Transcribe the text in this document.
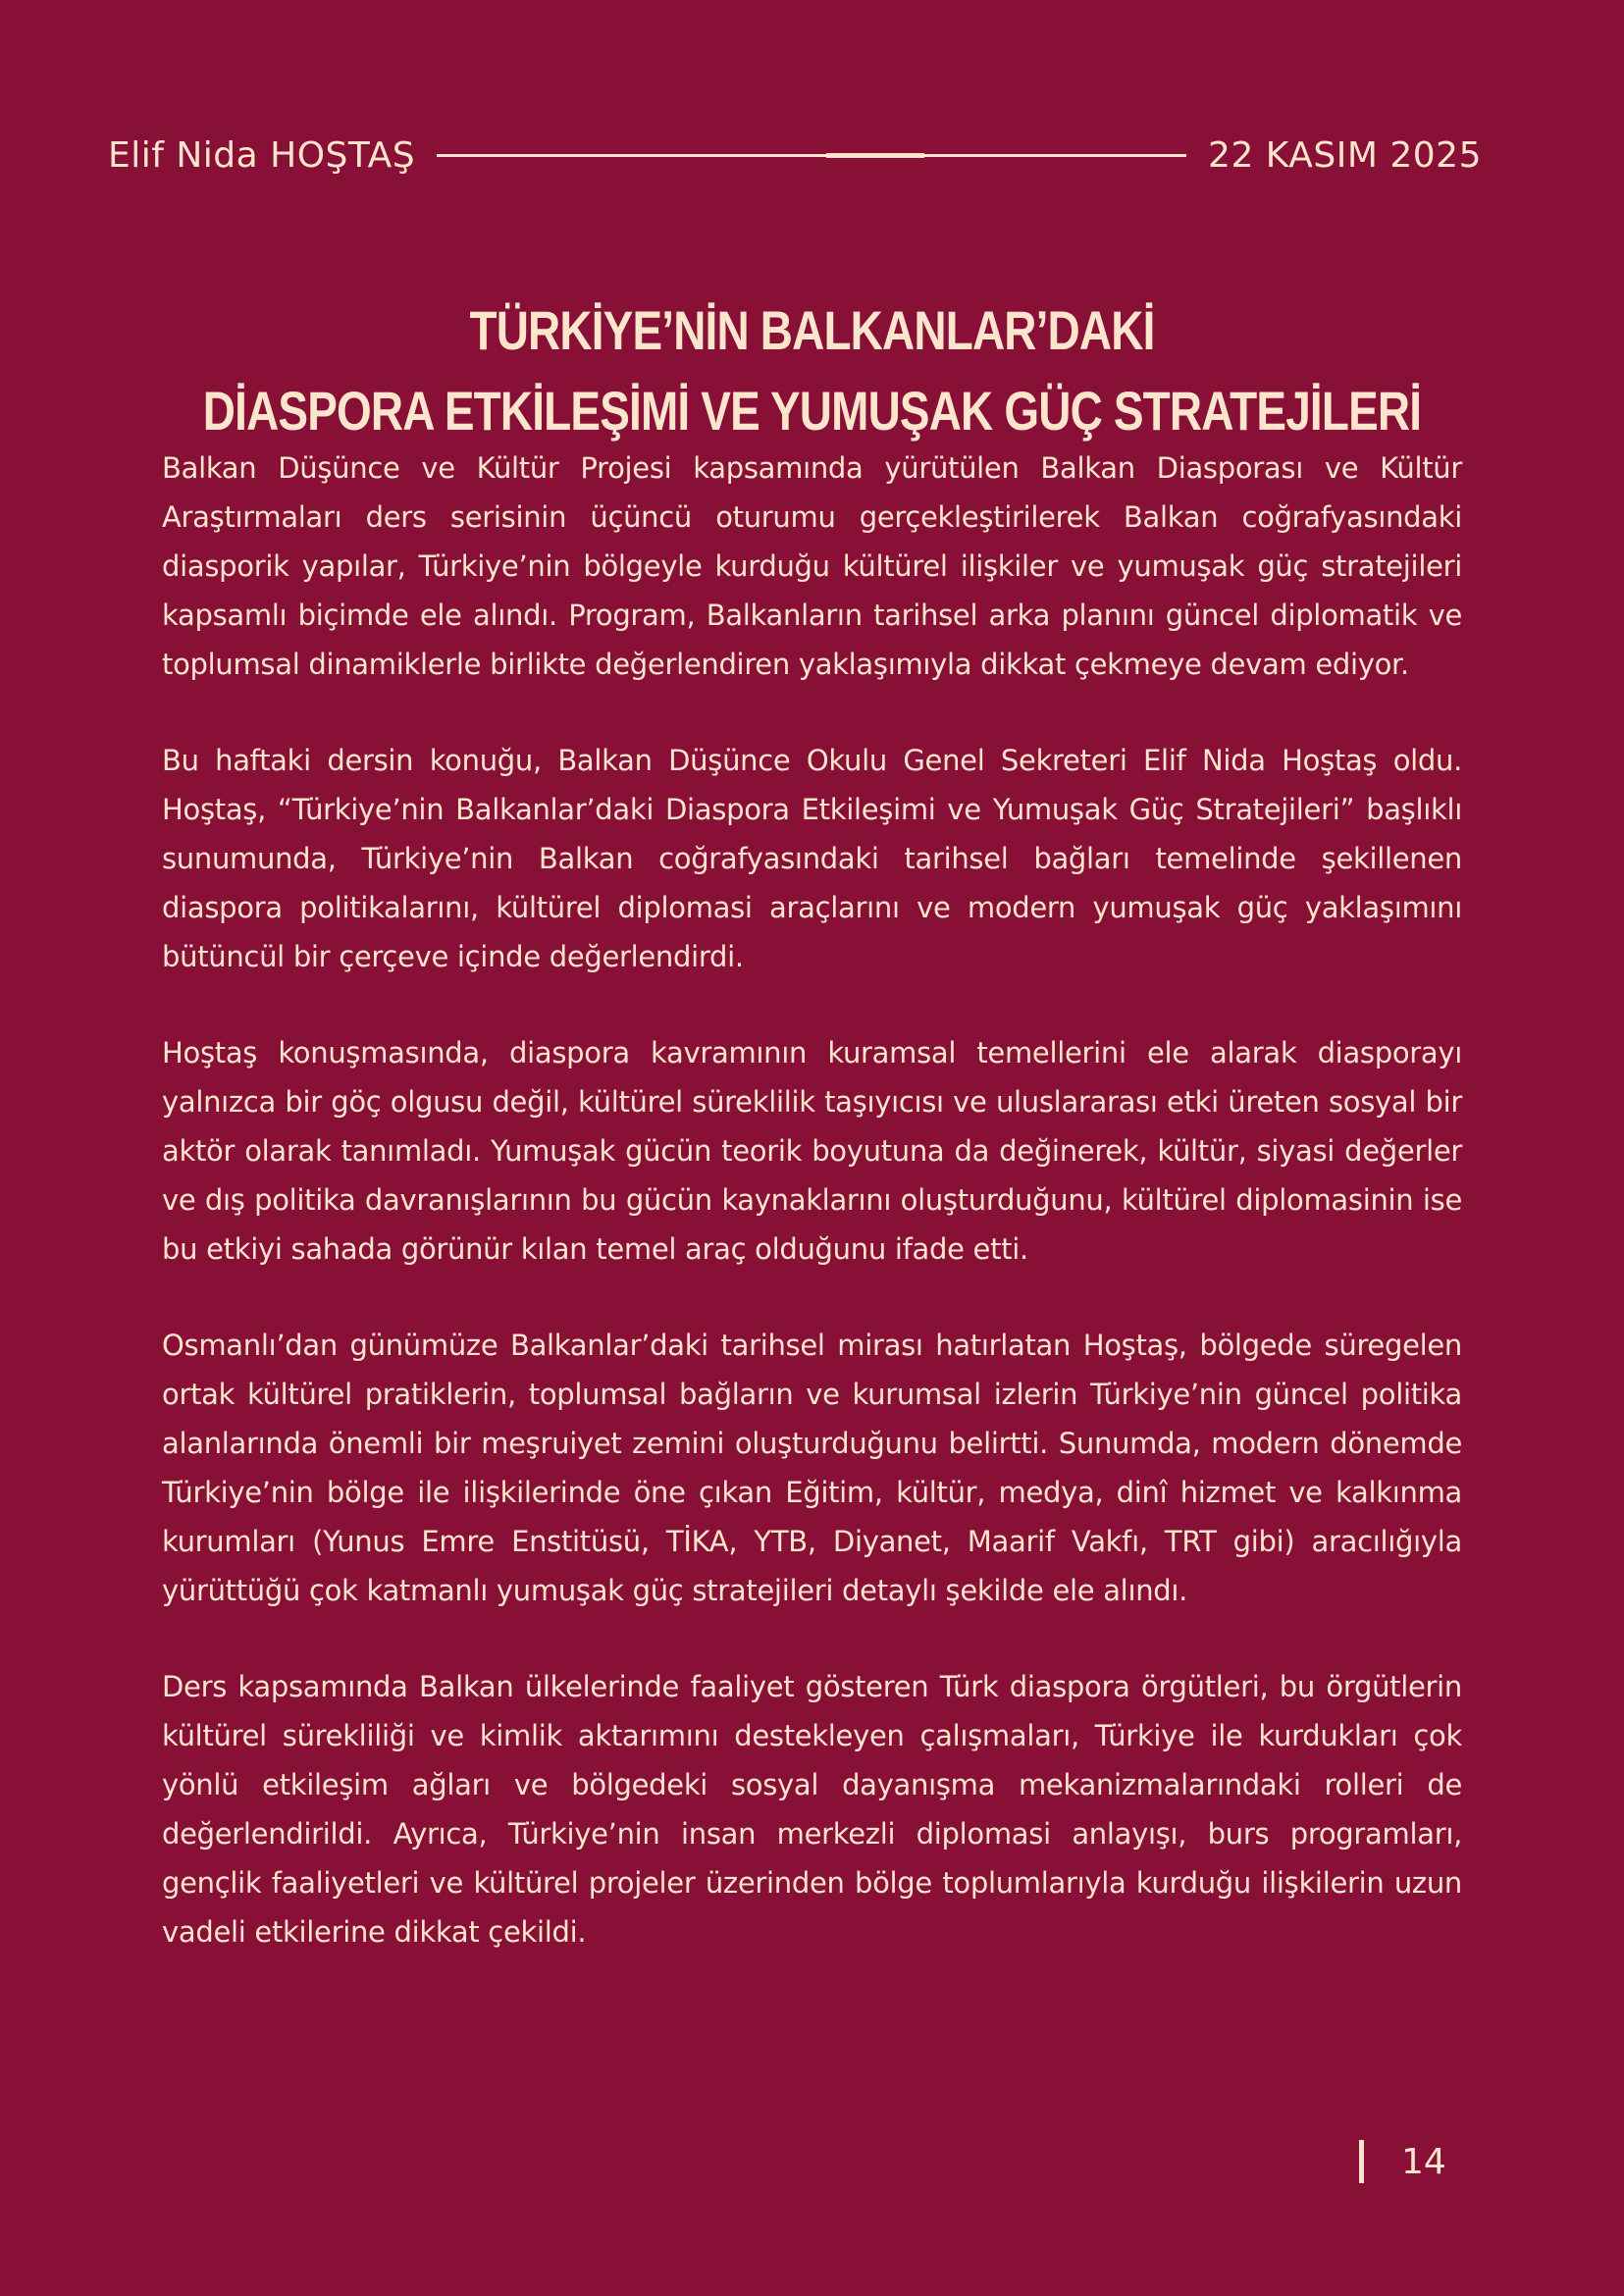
Elif Nida HOŞTAŞ	22 KASIM 2025
TÜRKİYE’NİN BALKANLAR’DAKİ
DİASPORA ETKİLEŞİMİ VE YUMUŞAK GÜÇ STRATEJİLERİ

Balkan Düşünce ve Kültür Projesi kapsamında yürütülen Balkan Diasporası ve Kültür Araştırmaları ders serisinin üçüncü oturumu gerçekleştirilerek Balkan coğrafyasındaki diasporik yapılar, Türkiye’nin bölgeyle kurduğu kültürel ilişkiler ve yumuşak güç stratejileri kapsamlı biçimde ele alındı. Program, Balkanların tarihsel arka planını güncel diplomatik ve toplumsal dinamiklerle birlikte değerlendiren yaklaşımıyla dikkat çekmeye devam ediyor.

Bu haftaki dersin konuğu, Balkan Düşünce Okulu Genel Sekreteri Elif Nida Hoştaş oldu. Hoştaş, “Türkiye’nin Balkanlar’daki Diaspora Etkileşimi ve Yumuşak Güç Stratejileri” başlıklı sunumunda, Türkiye’nin Balkan coğrafyasındaki tarihsel bağları temelinde şekillenen diaspora politikalarını, kültürel diplomasi araçlarını ve modern yumuşak güç yaklaşımını bütüncül bir çerçeve içinde değerlendirdi.

Hoştaş konuşmasında, diaspora kavramının kuramsal temellerini ele alarak diasporayı yalnızca bir göç olgusu değil, kültürel süreklilik taşıyıcısı ve uluslararası etki üreten sosyal bir aktör olarak tanımladı. Yumuşak gücün teorik boyutuna da değinerek, kültür, siyasi değerler ve dış politika davranışlarının bu gücün kaynaklarını oluşturduğunu, kültürel diplomasinin ise bu etkiyi sahada görünür kılan temel araç olduğunu ifade etti.

Osmanlı’dan günümüze Balkanlar’daki tarihsel mirası hatırlatan Hoştaş, bölgede süregelen ortak kültürel pratiklerin, toplumsal bağların ve kurumsal izlerin Türkiye’nin güncel politika alanlarında önemli bir meşruiyet zemini oluşturduğunu belirtti. Sunumda, modern dönemde Türkiye’nin bölge ile ilişkilerinde öne çıkan Eğitim, kültür, medya, dinî hizmet ve kalkınma kurumları (Yunus Emre Enstitüsü, TİKA, YTB, Diyanet, Maarif Vakfı, TRT gibi) aracılığıyla yürüttüğü çok katmanlı yumuşak güç stratejileri detaylı şekilde ele alındı.

Ders kapsamında Balkan ülkelerinde faaliyet gösteren Türk diaspora örgütleri, bu örgütlerin kültürel sürekliliği ve kimlik aktarımını destekleyen çalışmaları, Türkiye ile kurdukları çok yönlü etkileşim ağları ve bölgedeki sosyal dayanışma mekanizmalarındaki rolleri de değerlendirildi. Ayrıca, Türkiye’nin insan merkezli diplomasi anlayışı, burs programları, gençlik faaliyetleri ve kültürel projeler üzerinden bölge toplumlarıyla kurduğu ilişkilerin uzun vadeli etkilerine dikkat çekildi.

14
